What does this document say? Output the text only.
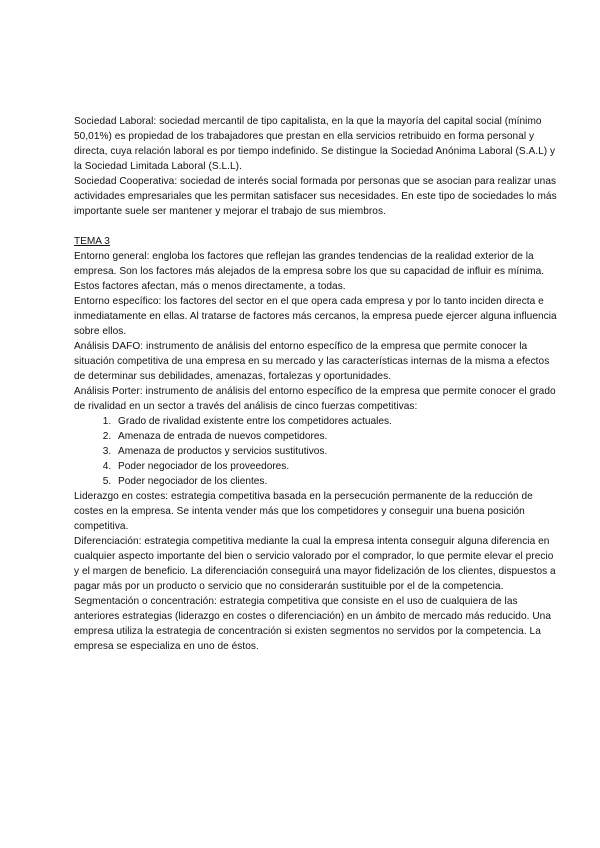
Sociedad Laboral: sociedad mercantil de tipo capitalista, en la que la mayoría del capital social (mínimo 50,01%) es propiedad de los trabajadores que prestan en ella servicios retribuido en forma personal y directa, cuya relación laboral es por tiempo indefinido. Se distingue la Sociedad Anónima Laboral (S.A.L) y la Sociedad Limitada Laboral (S.L.L).

Sociedad Cooperativa: sociedad de interés social formada por personas que se asocian para realizar unas actividades empresariales que les permitan satisfacer sus necesidades. En este tipo de sociedades lo más importante suele ser mantener y mejorar el trabajo de sus miembros.

TEMA 3

Entorno general: engloba los factores que reflejan las grandes tendencias de la realidad exterior de la empresa. Son los factores más alejados de la empresa sobre los que su capacidad de influir es mínima. Estos factores afectan, más o menos directamente, a todas.

Entorno específico: los factores del sector en el que opera cada empresa y por lo tanto inciden directa e inmediatamente en ellas. Al tratarse de factores más cercanos, la empresa puede ejercer alguna influencia sobre ellos.

Análisis DAFO: instrumento de análisis del entorno específico de la empresa que permite conocer la situación competitiva de una empresa en su mercado y las características internas de la misma a efectos de determinar sus debilidades, amenazas, fortalezas y oportunidades.

Análisis Porter: instrumento de análisis del entorno específico de la empresa que permite conocer el grado de rivalidad en un sector a través del análisis de cinco fuerzas competitivas:

1. Grado de rivalidad existente entre los competidores actuales.
2. Amenaza de entrada de nuevos competidores.
3. Amenaza de productos y servicios sustitutivos.
4. Poder negociador de los proveedores.
5. Poder negociador de los clientes.

Liderazgo en costes: estrategia competitiva basada en la persecución permanente de la reducción de costes en la empresa. Se intenta vender más que los competidores y conseguir una buena posición competitiva.

Diferenciación: estrategia competitiva mediante la cual la empresa intenta conseguir alguna diferencia en cualquier aspecto importante del bien o servicio valorado por el comprador, lo que permite elevar el precio y el margen de beneficio. La diferenciación conseguirá una mayor fidelización de los clientes, dispuestos a pagar más por un producto o servicio que no considerarán sustituible por el de la competencia.

Segmentación o concentración: estrategia competitiva que consiste en el uso de cualquiera de las anteriores estrategias (liderazgo en costes o diferenciación) en un ámbito de mercado más reducido. Una empresa utiliza la estrategia de concentración si existen segmentos no servidos por la competencia. La empresa se especializa en uno de éstos.
